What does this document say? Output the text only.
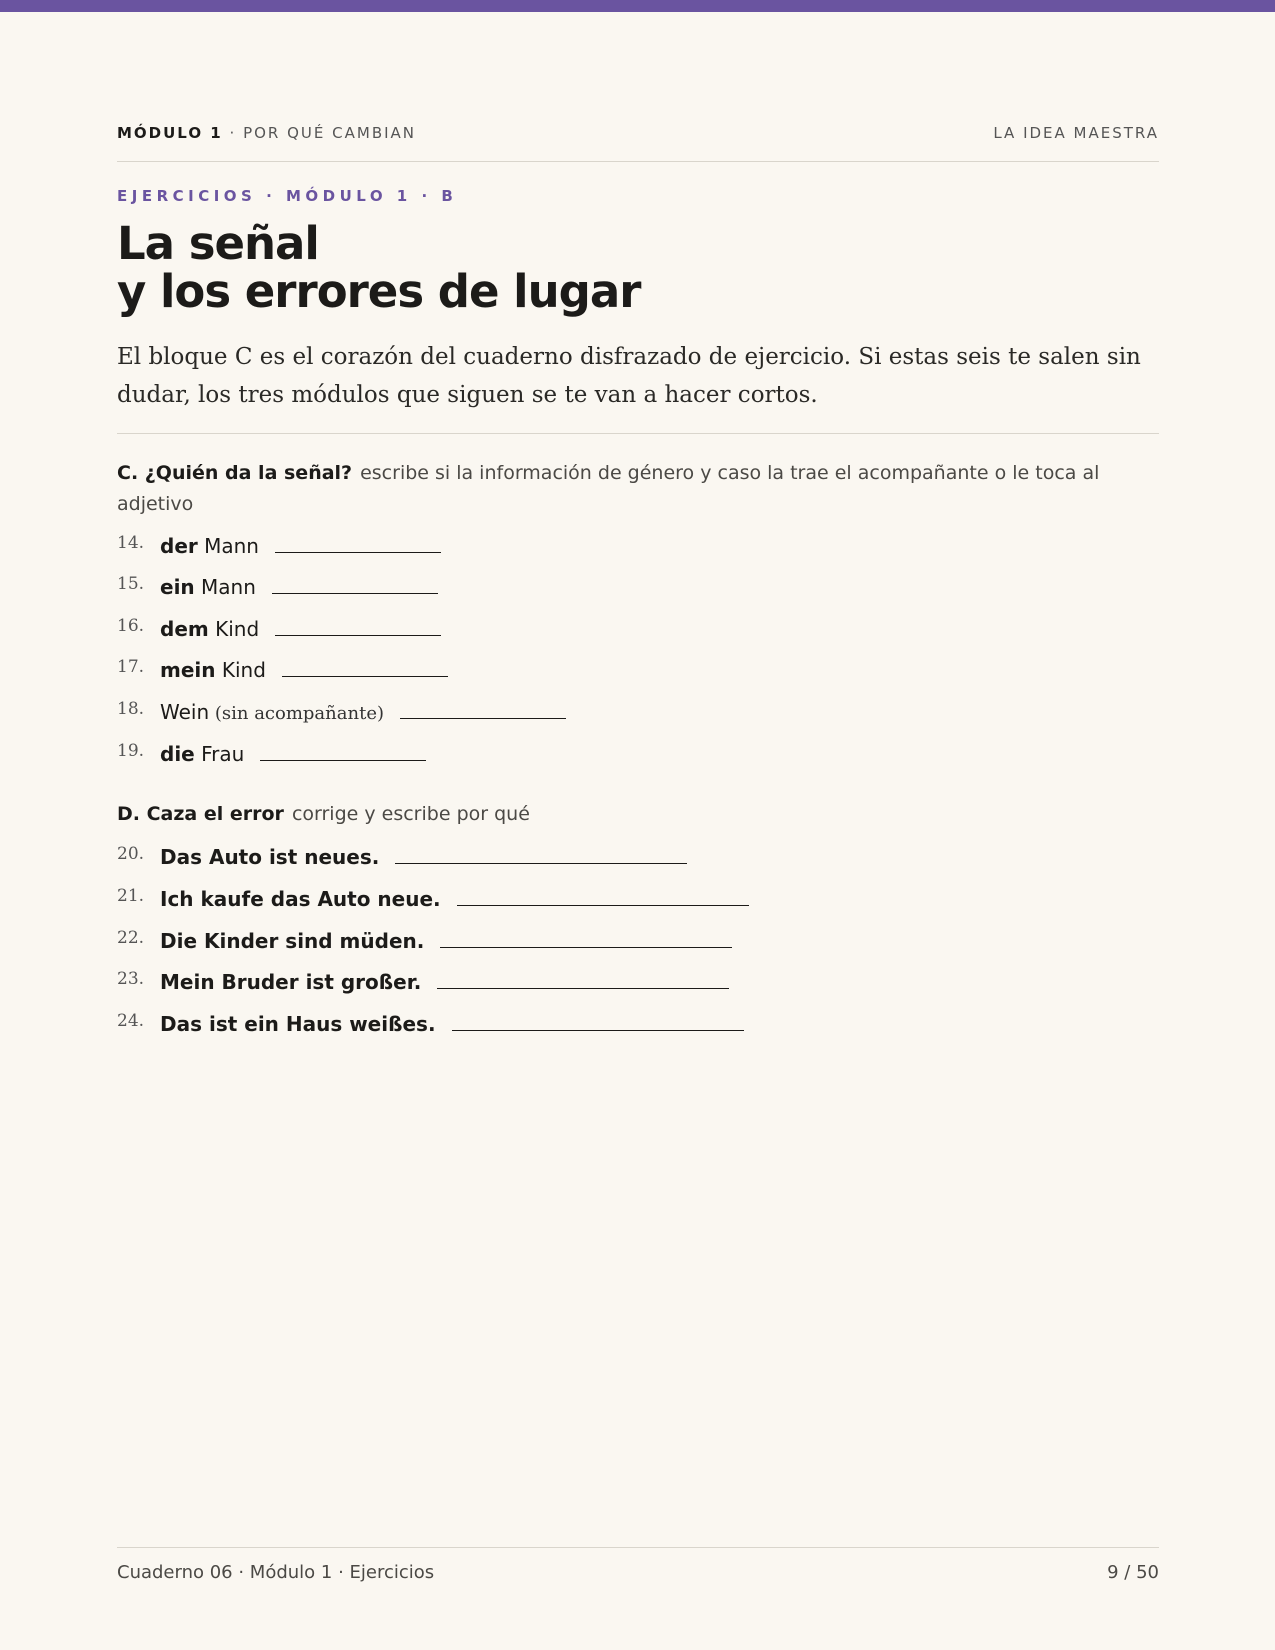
MÓDULO 1 · POR QUÉ CAMBIAN	LA IDEA MAESTRA
EJERCICIOS · MÓDULO 1 · B
La señal
y los errores de lugar

El bloque C es el corazón del cuaderno disfrazado de ejercicio. Si estas seis te salen sin dudar, los tres módulos que siguen se te van a hacer cortos.

C. ¿Quién da la señal? escribe si la información de género y caso la trae el acompañante o le toca al adjetivo
14. der Mann
15. ein Mann
16. dem Kind
17. mein Kind
18. Wein (sin acompañante)
19. die Frau
D. Caza el error corrige y escribe por qué
20. Das Auto ist neues.
21. Ich kaufe das Auto neue.
22. Die Kinder sind müden.
23. Mein Bruder ist großer.
24. Das ist ein Haus weißes.
Cuaderno 06 · Módulo 1 · Ejercicios	9 / 50
